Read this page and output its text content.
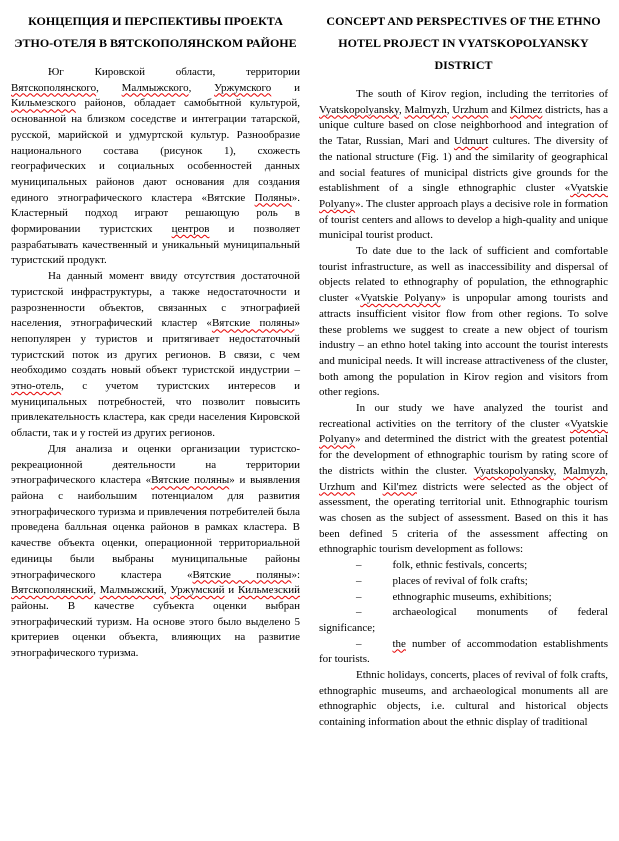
КОНЦЕПЦИЯ И ПЕРСПЕКТИВЫ ПРОЕКТА ЭТНО-ОТЕЛЯ В ВЯТСКОПОЛЯНСКОМ РАЙОНЕ

Юг Кировской области, территории Вятскополянского, Малмыжского, Уржумского и Кильмезского районов, обладает самобытной культурой, основанной на близком соседстве и интеграции татарской, русской, марийской и удмуртской культур. Разнообразие национального состава (рисунок 1), схожесть географических и социальных особенностей данных муниципальных районов дают основания для создания единого этнографического кластера «Вятские Поляны». Кластерный подход играют решающую роль в формировании туристских центров и позволяет разрабатывать качественный и уникальный муниципальный туристский продукт.

На данный момент ввиду отсутствия достаточной туристской инфраструктуры, а также недостаточности и разрозненности объектов, связанных с этнографией населения, этнографический кластер «Вятские поляны» непопулярен у туристов и притягивает недостаточный туристский поток из других регионов. В связи, с чем необходимо создать новый объект туристской индустрии – этно-отель, с учетом туристских интересов и муниципальных потребностей, что позволит повысить привлекательность кластера, как среди населения Кировской области, так и у гостей из других регионов.

Для анализа и оценки организации туристско-рекреационной деятельности на территории этнографического кластера «Вятские поляны» и выявления района с наибольшим потенциалом для развития этнографического туризма и привлечения потребителей была проведена балльная оценка районов в рамках кластера. В качестве объекта оценки, операционной территориальной единицы были выбраны муниципальные районы этнографического кластера «Вятские поляны»: Вятскополянский, Малмыжский, Уржумский и Кильмезский районы. В качестве субъекта оценки выбран этнографический туризм. На основе этого было выделено 5 критериев оценки объекта, влияющих на развитие этнографического туризма.

CONCEPT AND PERSPECTIVES OF THE ETHNO HOTEL PROJECT IN VYATSKOPOLYANSKY DISTRICT

The south of Kirov region, including the territories of Vyatskopolyansky, Malmyzh, Urzhum and Kilmez districts, has a unique culture based on close neighborhood and integration of the Tatar, Russian, Mari and Udmurt cultures. The diversity of the national structure (Fig. 1) and the similarity of geographical and social features of municipal districts give grounds for the establishment of a single ethnographic cluster «Vyatskie Polyany». The cluster approach plays a decisive role in formation of tourist centers and allows to develop a high-quality and unique municipal tourist product.

To date due to the lack of sufficient and comfortable tourist infrastructure, as well as inaccessibility and dispersal of objects related to ethnography of population, the ethnographic cluster «Vyatskie Polyany» is unpopular among tourists and attracts insufficient visitor flow from other regions. To solve these problems we suggest to create a new object of tourism industry – an ethno hotel taking into account the tourist interests and municipal needs. It will increase attractiveness of the cluster, both among the population in Kirov region and visitors from other regions.

In our study we have analyzed the tourist and recreational activities on the territory of the cluster «Vyatskie Polyany» and determined the district with the greatest potential for the development of ethnographic tourism by rating score of the districts within the cluster. Vyatskopolyansky, Malmyzh, Urzhum and Kil'mez districts were selected as the object of assessment, the operating territorial unit. Ethnographic tourism was chosen as the subject of assessment. Based on this it has been defined 5 criteria of the assessment affecting on ethnographic tourism development as follows:

–	folk, ethnic festivals, concerts;

–	places of revival of folk crafts;

–	ethnographic museums, exhibitions;

–	archaeological monuments of federal significance;

–	the number of accommodation establishments for tourists.

Ethnic holidays, concerts, places of revival of folk crafts, ethnographic museums, and archaeological monuments all are ethnographic objects, i.e. cultural and historical objects containing information about the ethnic display of traditional
